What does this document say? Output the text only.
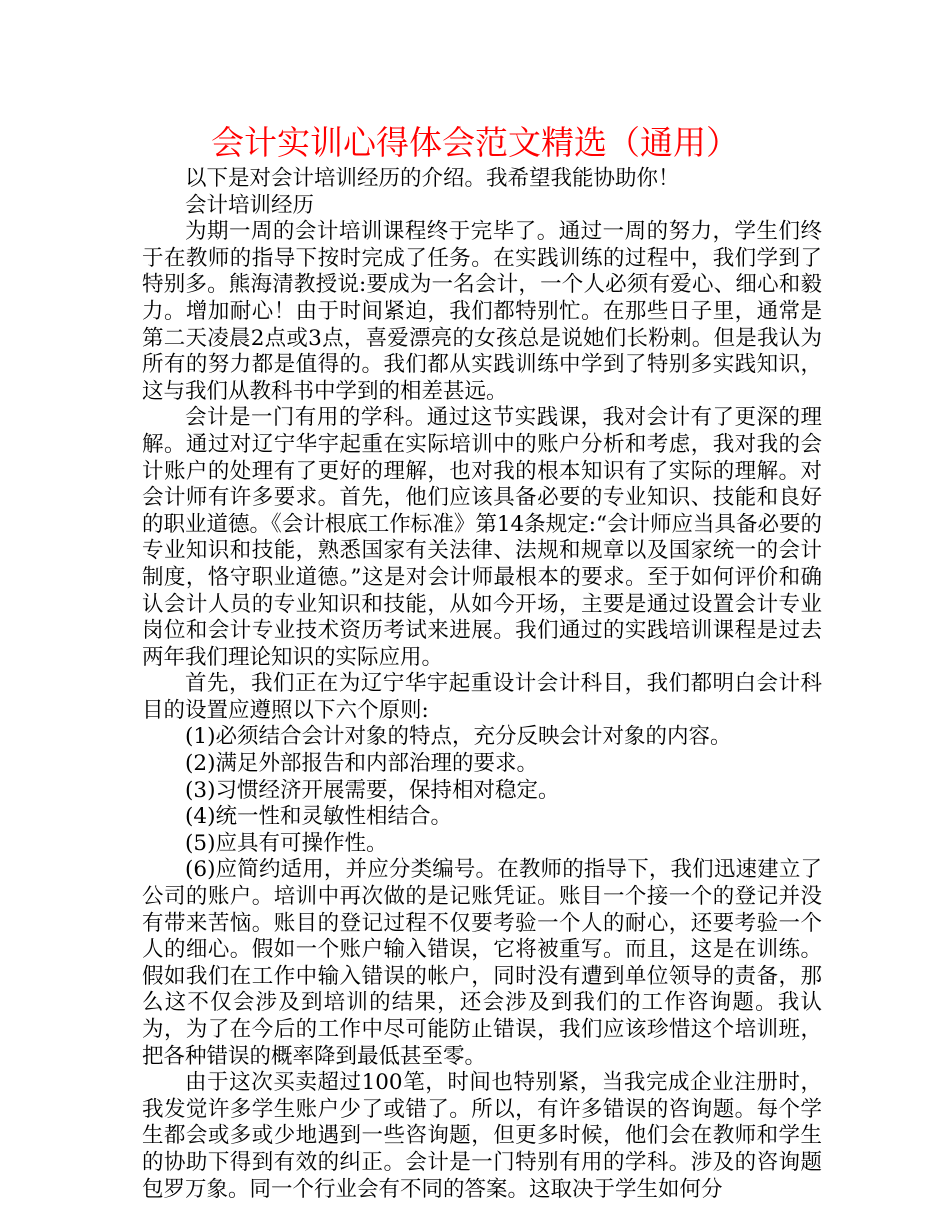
会计实训心得体会范文精选（通用）

以下是对会计培训经历的介绍。我希望我能协助你！

会计培训经历

为期一周的会计培训课程终于完毕了。通过一周的努力，学生们终于在教师的指导下按时完成了任务。在实践训练的过程中，我们学到了特别多。熊海清教授说:要成为一名会计，一个人必须有爱心、细心和毅力。增加耐心！由于时间紧迫，我们都特别忙。在那些日子里，通常是第二天凌晨2点或3点，喜爱漂亮的女孩总是说她们长粉刺。但是我认为所有的努力都是值得的。我们都从实践训练中学到了特别多实践知识，这与我们从教科书中学到的相差甚远。

会计是一门有用的学科。通过这节实践课，我对会计有了更深的理解。通过对辽宁华宇起重在实际培训中的账户分析和考虑，我对我的会计账户的处理有了更好的理解，也对我的根本知识有了实际的理解。对会计师有许多要求。首先，他们应该具备必要的专业知识、技能和良好的职业道德。《会计根底工作标准》第14条规定:“会计师应当具备必要的专业知识和技能，熟悉国家有关法律、法规和规章以及国家统一的会计制度，恪守职业道德。”这是对会计师最根本的要求。至于如何评价和确认会计人员的专业知识和技能，从如今开场，主要是通过设置会计专业岗位和会计专业技术资历考试来进展。我们通过的实践培训课程是过去两年我们理论知识的实际应用。

首先，我们正在为辽宁华宇起重设计会计科目，我们都明白会计科目的设置应遵照以下六个原则:

(1)必须结合会计对象的特点，充分反映会计对象的内容。

(2)满足外部报告和内部治理的要求。

(3)习惯经济开展需要，保持相对稳定。

(4)统一性和灵敏性相结合。

(5)应具有可操作性。

(6)应简约适用，并应分类编号。在教师的指导下，我们迅速建立了公司的账户。培训中再次做的是记账凭证。账目一个接一个的登记并没有带来苦恼。账目的登记过程不仅要考验一个人的耐心，还要考验一个人的细心。假如一个账户输入错误，它将被重写。而且，这是在训练。假如我们在工作中输入错误的帐户，同时没有遭到单位领导的责备，那么这不仅会涉及到培训的结果，还会涉及到我们的工作咨询题。我认为，为了在今后的工作中尽可能防止错误，我们应该珍惜这个培训班，把各种错误的概率降到最低甚至零。

由于这次买卖超过100笔，时间也特别紧，当我完成企业注册时，我发觉许多学生账户少了或错了。所以，有许多错误的咨询题。每个学生都会或多或少地遇到一些咨询题，但更多时候，他们会在教师和学生的协助下得到有效的纠正。会计是一门特别有用的学科。涉及的咨询题包罗万象。同一个行业会有不同的答案。这取决于学生如何分
